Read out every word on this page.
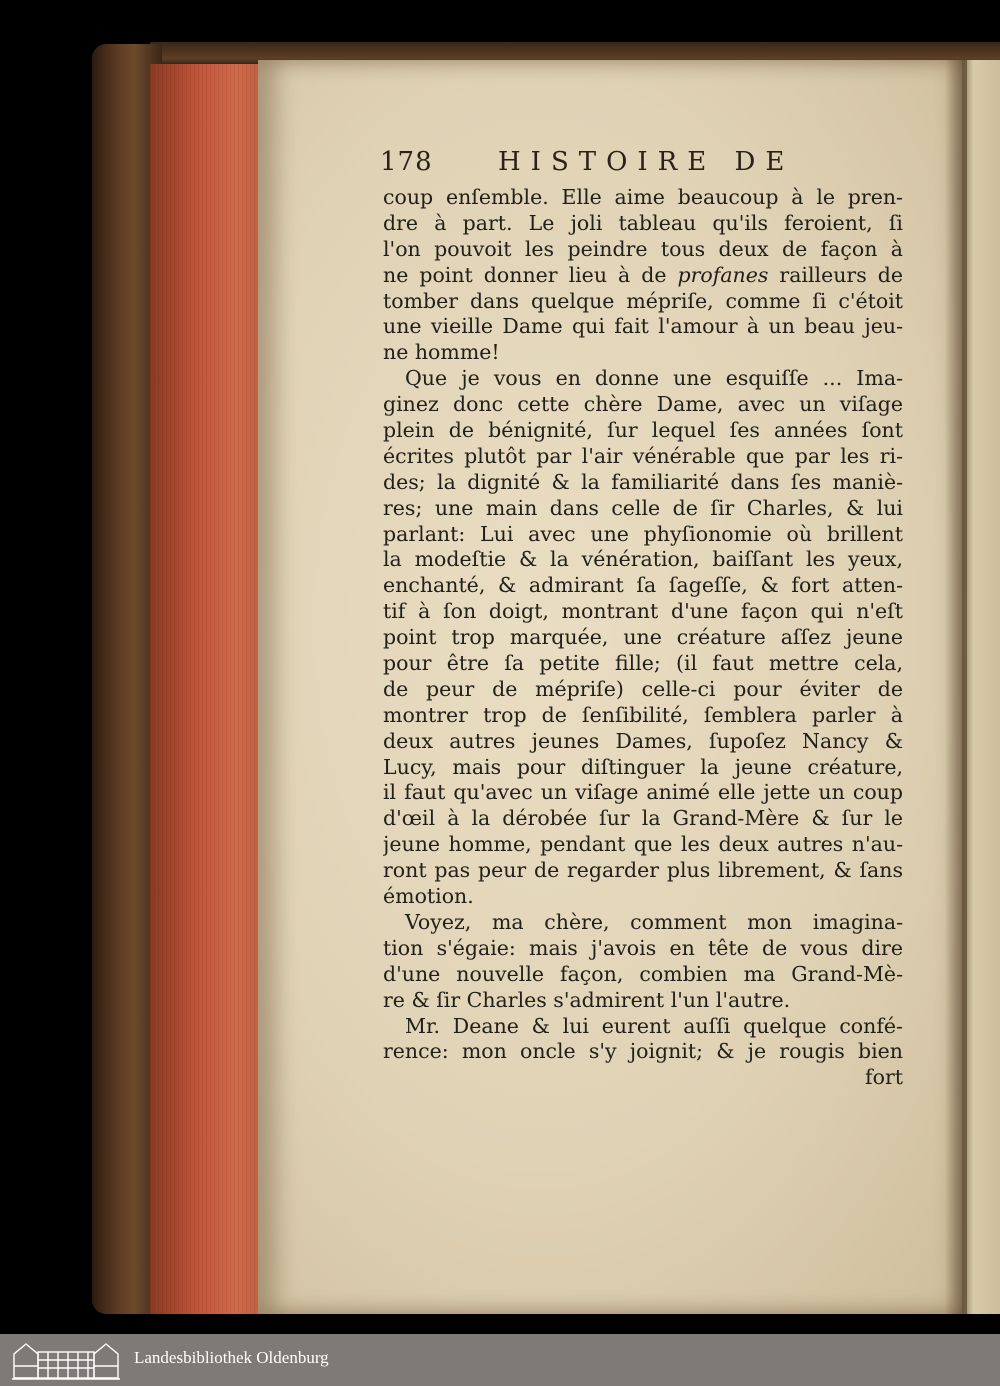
178	HISTOIRE DE
coup enſemble. Elle aime beaucoup à le pren-
dre à part. Le joli tableau qu'ils feroient, ſi
l'on pouvoit les peindre tous deux de façon à
ne point donner lieu à de profanes railleurs de
tomber dans quelque mépriſe, comme ſi c'étoit
une vieille Dame qui fait l'amour à un beau jeu-
ne homme!
Que je vous en donne une esquiſſe ... Ima-
ginez donc cette chère Dame, avec un viſage
plein de bénignité, ſur lequel ſes années ſont
écrites plutôt par l'air vénérable que par les ri-
des; la dignité & la familiarité dans ſes maniè-
res; une main dans celle de ſir Charles, & lui
parlant: Lui avec une phyſionomie où brillent
la modeſtie & la vénération, baiſſant les yeux,
enchanté, & admirant ſa ſageſſe, & fort atten-
tif à ſon doigt, montrant d'une façon qui n'eſt
point trop marquée, une créature aſſez jeune
pour être ſa petite fille; (il faut mettre cela,
de peur de mépriſe) celle-ci pour éviter de
montrer trop de ſenſibilité, ſemblera parler à
deux autres jeunes Dames, ſupoſez Nancy &
Lucy, mais pour diſtinguer la jeune créature,
il faut qu'avec un viſage animé elle jette un coup
d'œil à la dérobée ſur la Grand-Mère & ſur le
jeune homme, pendant que les deux autres n'au-
ront pas peur de regarder plus librement, & ſans
émotion.
Voyez, ma chère, comment mon imagina-
tion s'égaie: mais j'avois en tête de vous dire
d'une nouvelle façon, combien ma Grand-Mè-
re & ſir Charles s'admirent l'un l'autre.
Mr. Deane & lui eurent auſſi quelque confé-
rence: mon oncle s'y joignit; & je rougis bien
fort
Landesbibliothek Oldenburg
